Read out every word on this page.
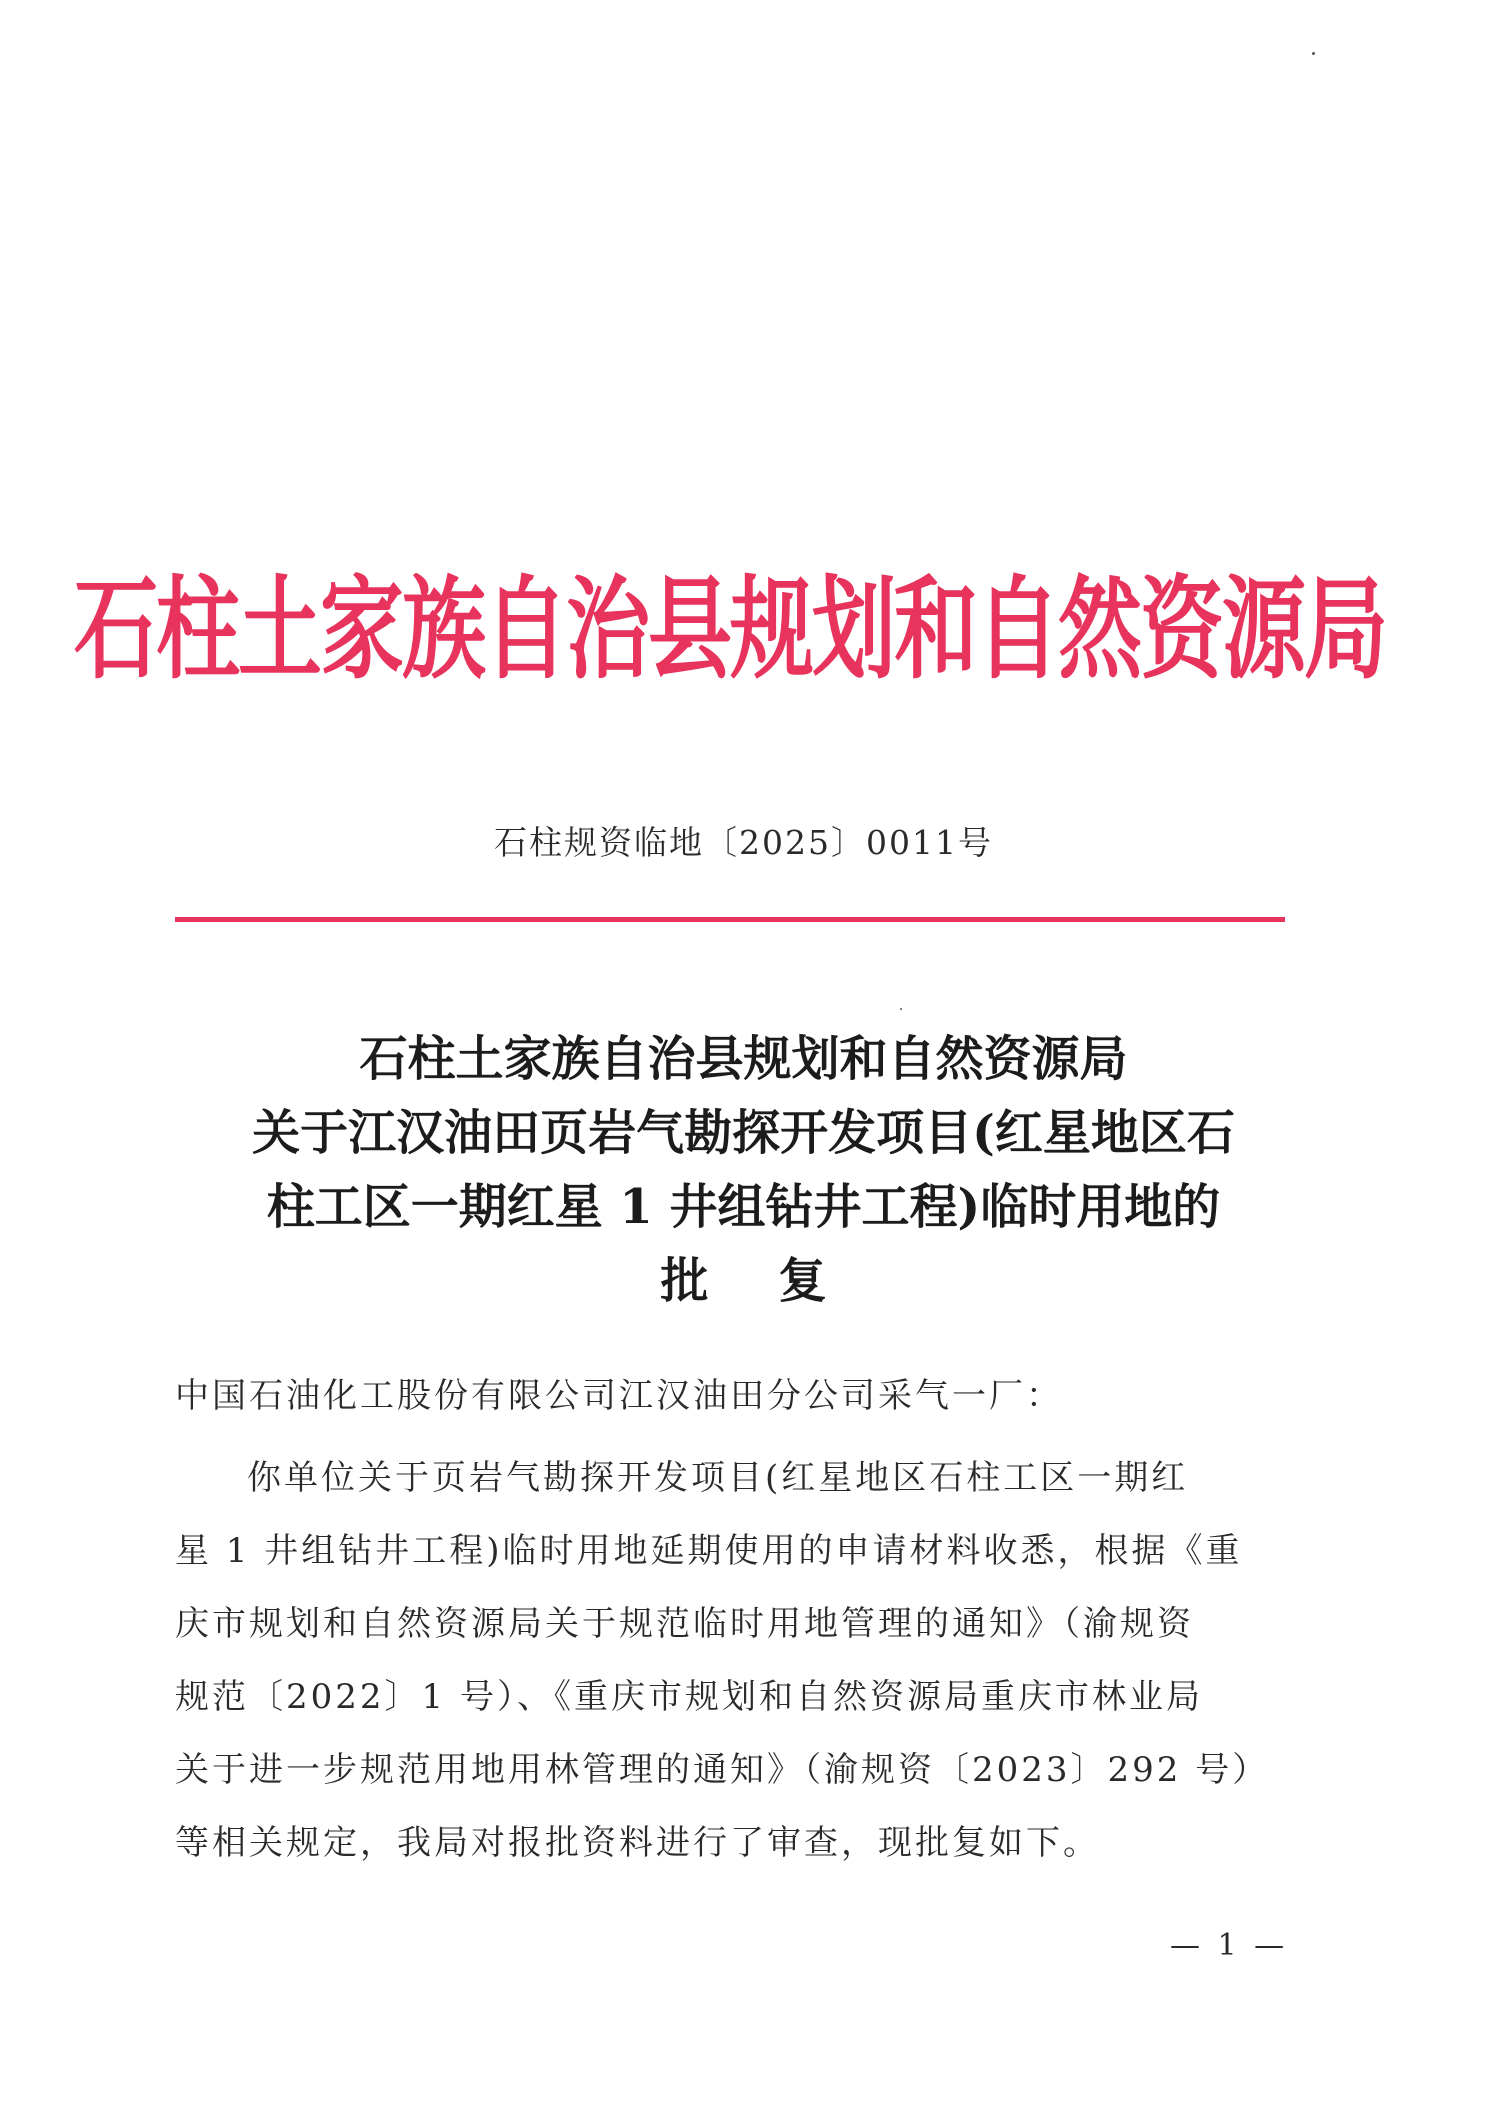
石柱土家族自治县规划和自然资源局
石柱规资临地〔2025〕0011号
石柱土家族自治县规划和自然资源局
关于江汉油田页岩气勘探开发项目(红星地区石
柱工区一期红星 1 井组钻井工程)临时用地的
批复
中国石油化工股份有限公司江汉油田分公司采气一厂：
你单位关于页岩气勘探开发项目(红星地区石柱工区一期红
星 1 井组钻井工程)临时用地延期使用的申请材料收悉，根据《重
庆市规划和自然资源局关于规范临时用地管理的通知》（渝规资
规范〔2022〕1 号）、《重庆市规划和自然资源局重庆市林业局
关于进一步规范用地用林管理的通知》（渝规资〔2023〕292 号）
等相关规定，我局对报批资料进行了审查，现批复如下。
— 1 —
